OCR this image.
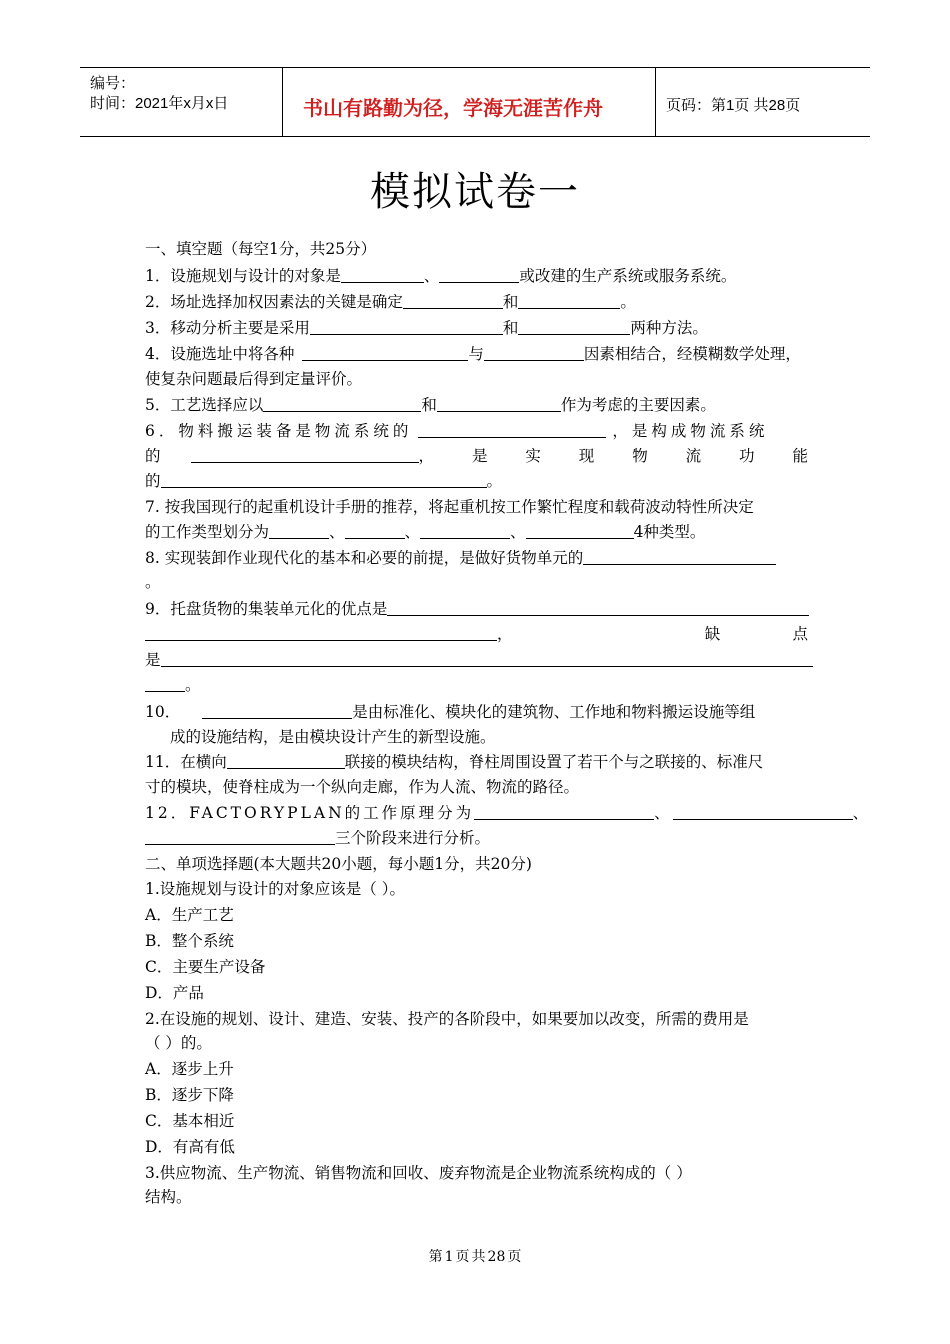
编号：
时间：2021年x月x日	书山有路勤为径，学海无涯苦作舟	页码：第1页 共28页
模拟试卷一
一、填空题（每空1分，共25分）
1．设施规划与设计的对象是	、	或改建的生产系统或服务系统。
2．场址选择加权因素法的关键是确定	和	。
3．移动分析主要是采用	和	两种方法。
4．设施选址中将各种	与	因素相结合，经模糊数学处理，
使复杂问题最后得到定量评价。
5．工艺选择应以	和	作为考虑的主要因素。
6．物料搬运装备是物流系统的	，是构成物流系统
的	， 是 实 现 物 流 功 能
的	。
7. 按我国现行的起重机设计手册的推荐，将起重机按工作繁忙程度和载荷波动特性所决定
的工作类型划分为	、	、	、	4种类型。
8. 实现装卸作业现代化的基本和必要的前提，是做好货物单元的
。
9．托盘货物的集装单元化的优点是
，	缺	点
是
。
10．	是由标准化、模块化的建筑物、工作地和物料搬运设施等组
成的设施结构，是由模块设计产生的新型设施。
11．在横向	联接的模块结构，脊柱周围设置了若干个与之联接的、标准尺
寸的模块，使脊柱成为一个纵向走廊，作为人流、物流的路径。
12．FACTORYPLAN的工作原理分为	、	、
三个阶段来进行分析。
二、单项选择题(本大题共20小题，每小题1分，共20分)
1.设施规划与设计的对象应该是（ ）。
A．生产工艺
B．整个系统
C．主要生产设备
D．产品
2.在设施的规划、设计、建造、安装、投产的各阶段中，如果要加以改变，所需的费用是
（ ）的。
A．逐步上升
B．逐步下降
C．基本相近
D．有高有低
3.供应物流、生产物流、销售物流和回收、废弃物流是企业物流系统构成的（ ）
结构。
第 1 页 共 28 页
